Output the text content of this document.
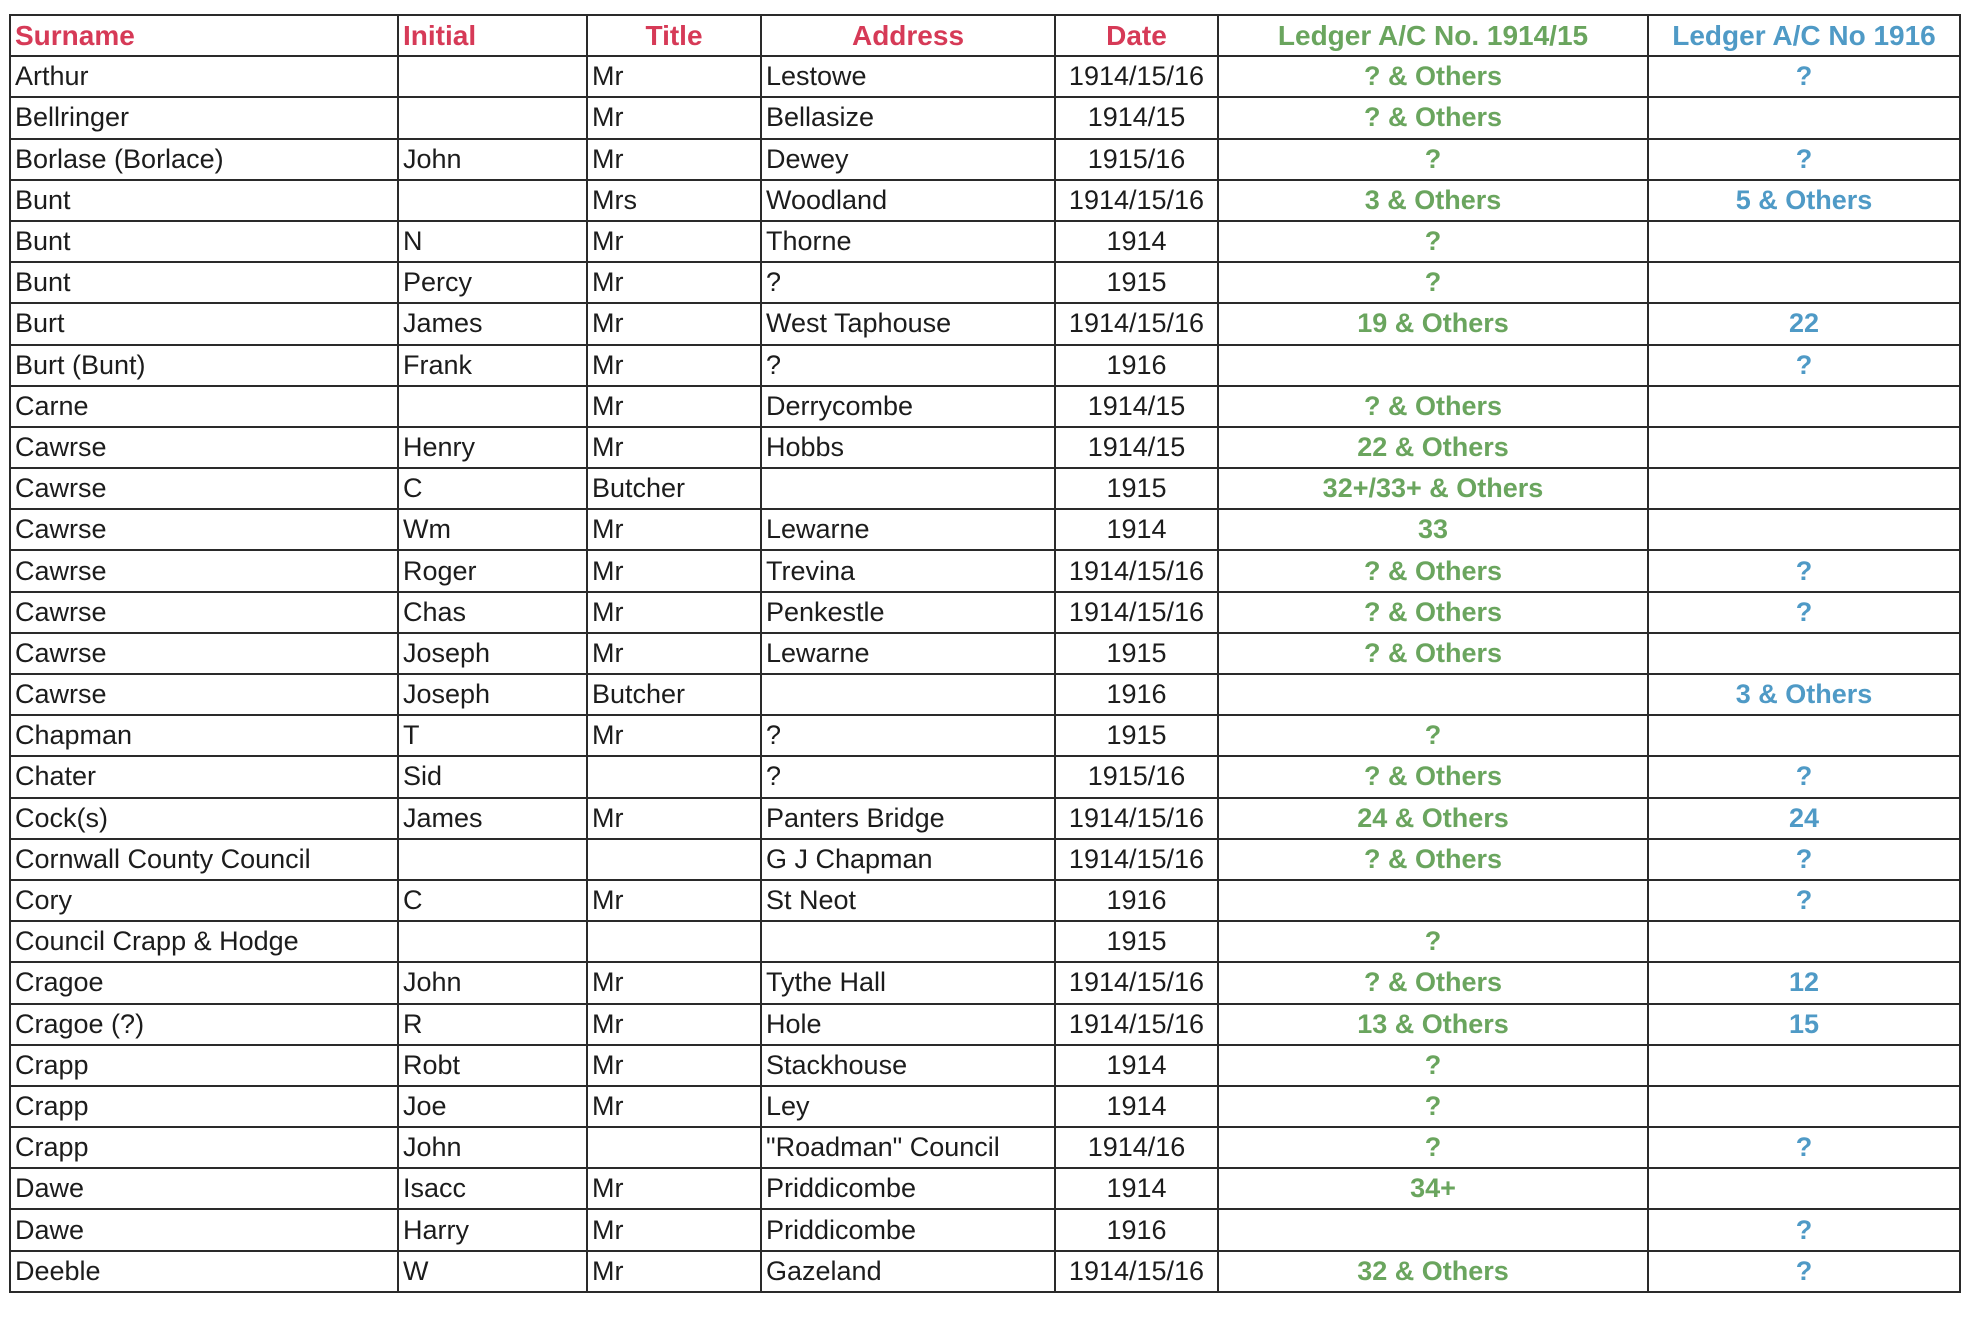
Surname	Initial	Title	Address	Date	Ledger A/C No. 1914/15	Ledger A/C No 1916
Arthur		Mr	Lestowe	1914/15/16	? & Others	?
Bellringer		Mr	Bellasize	1914/15	? & Others	
Borlase (Borlace)	John	Mr	Dewey	1915/16	?	?
Bunt		Mrs	Woodland	1914/15/16	3 & Others	5 & Others
Bunt	N	Mr	Thorne	1914	?	
Bunt	Percy	Mr	?	1915	?	
Burt	James	Mr	West Taphouse	1914/15/16	19 & Others	22
Burt (Bunt)	Frank	Mr	?	1916		?
Carne		Mr	Derrycombe	1914/15	? & Others	
Cawrse	Henry	Mr	Hobbs	1914/15	22 & Others	
Cawrse	C	Butcher		1915	32+/33+ & Others	
Cawrse	Wm	Mr	Lewarne	1914	33	
Cawrse	Roger	Mr	Trevina	1914/15/16	? & Others	?
Cawrse	Chas	Mr	Penkestle	1914/15/16	? & Others	?
Cawrse	Joseph	Mr	Lewarne	1915	? & Others	
Cawrse	Joseph	Butcher		1916		3 & Others
Chapman	T	Mr	?	1915	?	
Chater	Sid		?	1915/16	? & Others	?
Cock(s)	James	Mr	Panters Bridge	1914/15/16	24 & Others	24
Cornwall County Council			G J Chapman	1914/15/16	? & Others	?
Cory	C	Mr	St Neot	1916		?
Council Crapp & Hodge				1915	?	
Cragoe	John	Mr	Tythe Hall	1914/15/16	? & Others	12
Cragoe (?)	R	Mr	Hole	1914/15/16	13 & Others	15
Crapp	Robt	Mr	Stackhouse	1914	?	
Crapp	Joe	Mr	Ley	1914	?	
Crapp	John		"Roadman" Council	1914/16	?	?
Dawe	Isacc	Mr	Priddicombe	1914	34+	
Dawe	Harry	Mr	Priddicombe	1916		?
Deeble	W	Mr	Gazeland	1914/15/16	32 & Others	?
